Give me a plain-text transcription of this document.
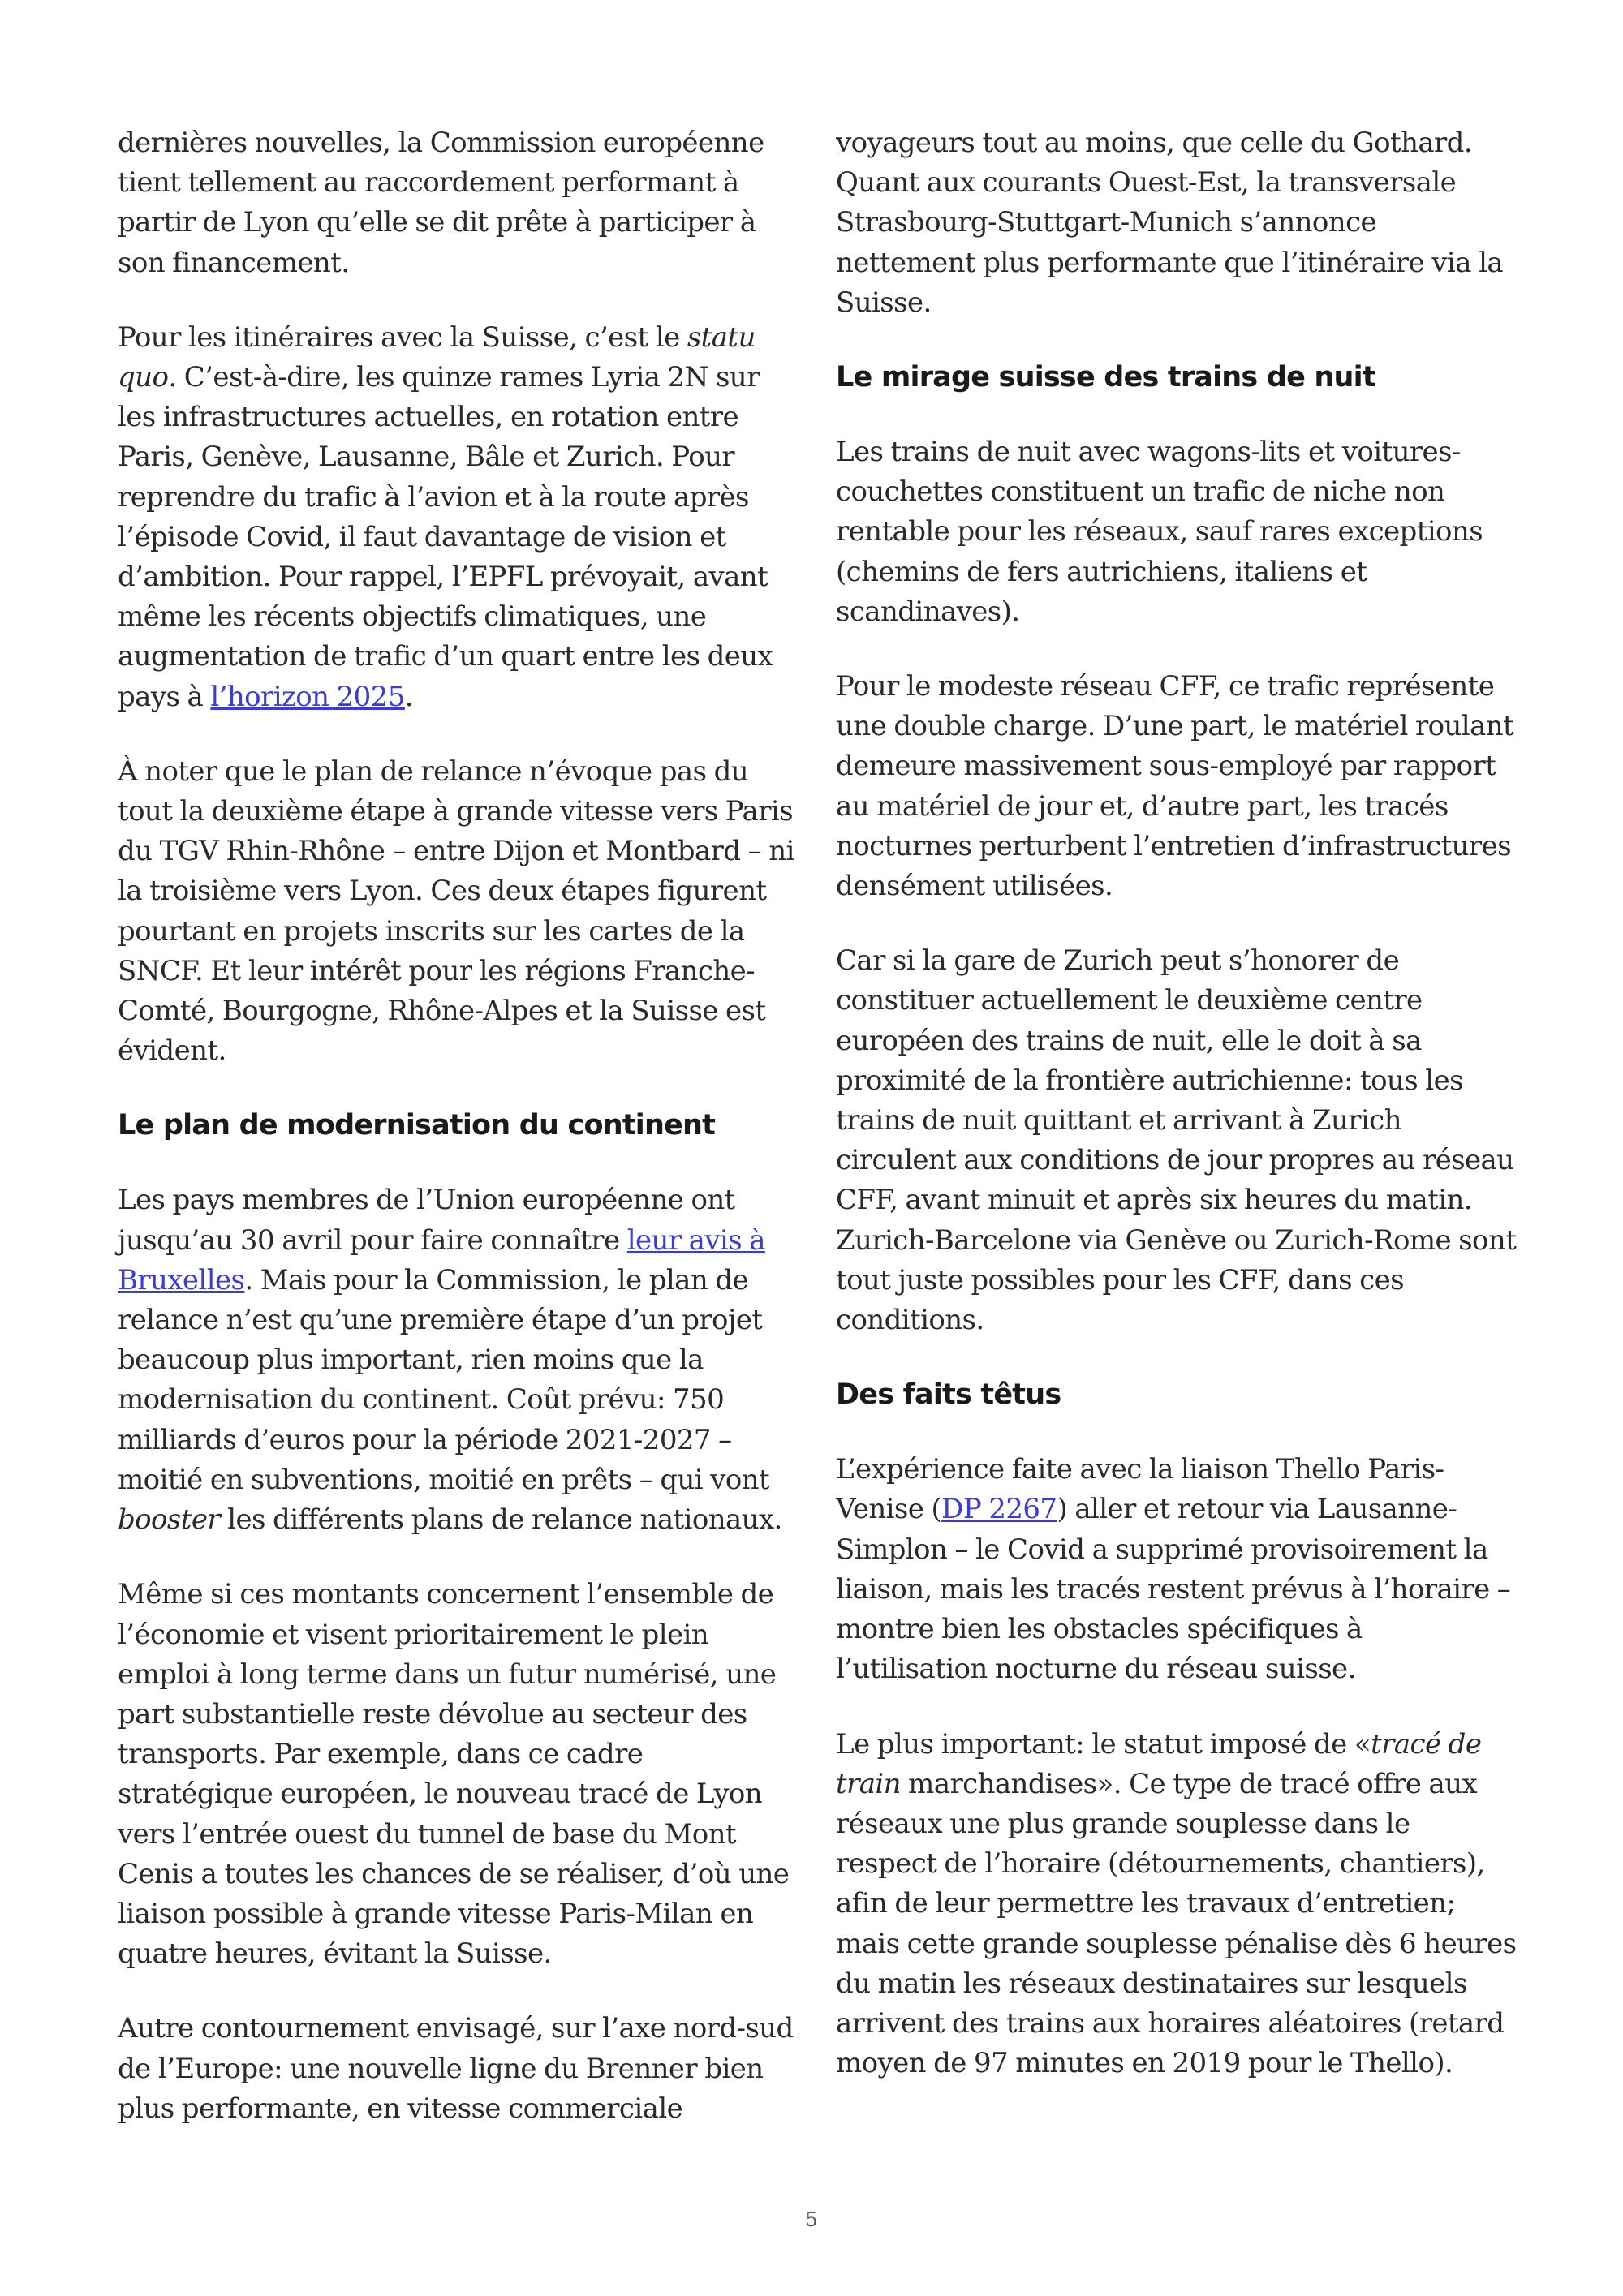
dernières nouvelles, la Commission européenne tient tellement au raccordement performant à partir de Lyon qu’elle se dit prête à participer à son financement.

Pour les itinéraires avec la Suisse, c’est le statu quo. C’est-à-dire, les quinze rames Lyria 2N sur les infrastructures actuelles, en rotation entre Paris, Genève, Lausanne, Bâle et Zurich. Pour reprendre du trafic à l’avion et à la route après l’épisode Covid, il faut davantage de vision et d’ambition. Pour rappel, l’EPFL prévoyait, avant même les récents objectifs climatiques, une augmentation de trafic d’un quart entre les deux pays à l’horizon 2025.

À noter que le plan de relance n’évoque pas du tout la deuxième étape à grande vitesse vers Paris du TGV Rhin-Rhône – entre Dijon et Montbard – ni la troisième vers Lyon. Ces deux étapes figurent pourtant en projets inscrits sur les cartes de la SNCF. Et leur intérêt pour les régions Franche-Comté, Bourgogne, Rhône-Alpes et la Suisse est évident.

Le plan de modernisation du continent

Les pays membres de l’Union européenne ont jusqu’au 30 avril pour faire connaître leur avis à Bruxelles. Mais pour la Commission, le plan de relance n’est qu’une première étape d’un projet beaucoup plus important, rien moins que la modernisation du continent. Coût prévu: 750 milliards d’euros pour la période 2021-2027 – moitié en subventions, moitié en prêts – qui vont booster les différents plans de relance nationaux.

Même si ces montants concernent l’ensemble de l’économie et visent prioritairement le plein emploi à long terme dans un futur numérisé, une part substantielle reste dévolue au secteur des transports. Par exemple, dans ce cadre stratégique européen, le nouveau tracé de Lyon vers l’entrée ouest du tunnel de base du Mont Cenis a toutes les chances de se réaliser, d’où une liaison possible à grande vitesse Paris-Milan en quatre heures, évitant la Suisse.

Autre contournement envisagé, sur l’axe nord-sud de l’Europe: une nouvelle ligne du Brenner bien plus performante, en vitesse commerciale

voyageurs tout au moins, que celle du Gothard. Quant aux courants Ouest-Est, la transversale Strasbourg-Stuttgart-Munich s’annonce nettement plus performante que l’itinéraire via la Suisse.

Le mirage suisse des trains de nuit

Les trains de nuit avec wagons-lits et voitures-couchettes constituent un trafic de niche non rentable pour les réseaux, sauf rares exceptions (chemins de fers autrichiens, italiens et scandinaves).

Pour le modeste réseau CFF, ce trafic représente une double charge. D’une part, le matériel roulant demeure massivement sous-employé par rapport au matériel de jour et, d’autre part, les tracés nocturnes perturbent l’entretien d’infrastructures densément utilisées.

Car si la gare de Zurich peut s’honorer de constituer actuellement le deuxième centre européen des trains de nuit, elle le doit à sa proximité de la frontière autrichienne: tous les trains de nuit quittant et arrivant à Zurich circulent aux conditions de jour propres au réseau CFF, avant minuit et après six heures du matin. Zurich-Barcelone via Genève ou Zurich-Rome sont tout juste possibles pour les CFF, dans ces conditions.

Des faits têtus

L’expérience faite avec la liaison Thello Paris-Venise (DP 2267) aller et retour via Lausanne-Simplon – le Covid a supprimé provisoirement la liaison, mais les tracés restent prévus à l’horaire – montre bien les obstacles spécifiques à l’utilisation nocturne du réseau suisse.

Le plus important: le statut imposé de «tracé de train marchandises». Ce type de tracé offre aux réseaux une plus grande souplesse dans le respect de l’horaire (détournements, chantiers), afin de leur permettre les travaux d’entretien; mais cette grande souplesse pénalise dès 6 heures du matin les réseaux destinataires sur lesquels arrivent des trains aux horaires aléatoires (retard moyen de 97 minutes en 2019 pour le Thello).

5
